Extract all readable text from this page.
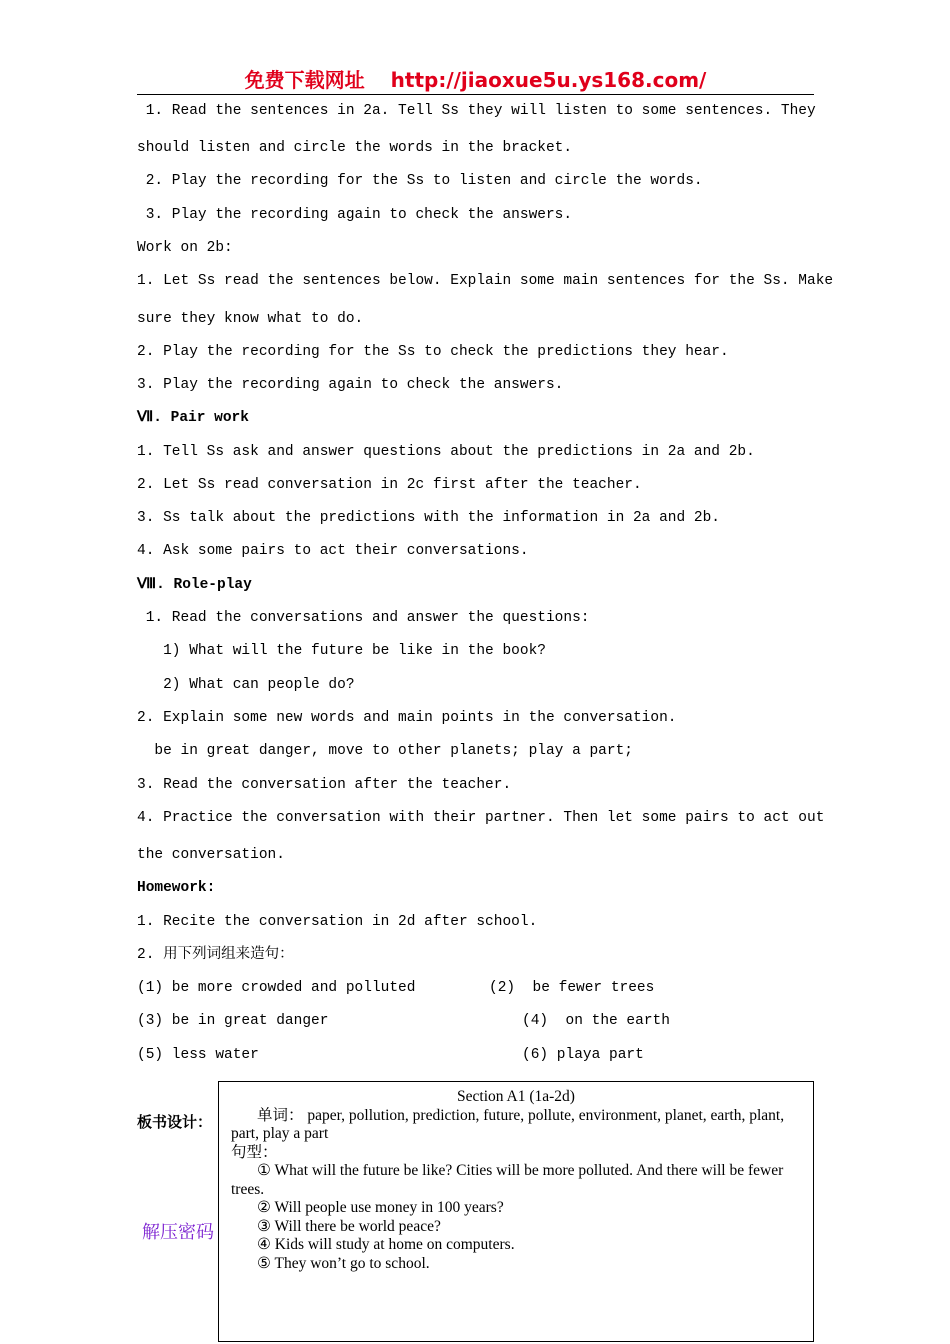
免费下载网址 http://jiaoxue5u.ys168.com/
1. Read the sentences in 2a. Tell Ss they will listen to some sentences. They
should listen and circle the words in the bracket.
2. Play the recording for the Ss to listen and circle the words.
3. Play the recording again to check the answers.
Work on 2b:
1. Let Ss read the sentences below. Explain some main sentences for the Ss. Make
sure they know what to do.
2. Play the recording for the Ss to check the predictions they hear.
3. Play the recording again to check the answers.
Ⅶ. Pair work
1. Tell Ss ask and answer questions about the predictions in 2a and 2b.
2. Let Ss read conversation in 2c first after the teacher.
3. Ss talk about the predictions with the information in 2a and 2b.
4. Ask some pairs to act their conversations.
Ⅷ. Role-play
1. Read the conversations and answer the questions:
1) What will the future be like in the book?
2) What can people do?
2. Explain some new words and main points in the conversation.
be in great danger, move to other planets; play a part;
3. Read the conversation after the teacher.
4. Practice the conversation with their partner. Then let some pairs to act out
the conversation.
Homework:
1. Recite the conversation in 2d after school.
2. 用下列词组来造句：
(1) be more crowded and polluted	(2)  be fewer trees
(3) be in great danger	(4)  on the earth
(5) less water	(6) playa part
板书设计：
解压密码
Section A1 (1a-2d)
单词： paper, pollution, prediction, future, pollute, environment, planet, earth, plant, part, play a part
句型：
① What will the future be like? Cities will be more polluted. And there will be fewer trees.
② Will people use money in 100 years?
③ Will there be world peace?
④ Kids will study at home on computers.
⑤ They won’t go to school.
